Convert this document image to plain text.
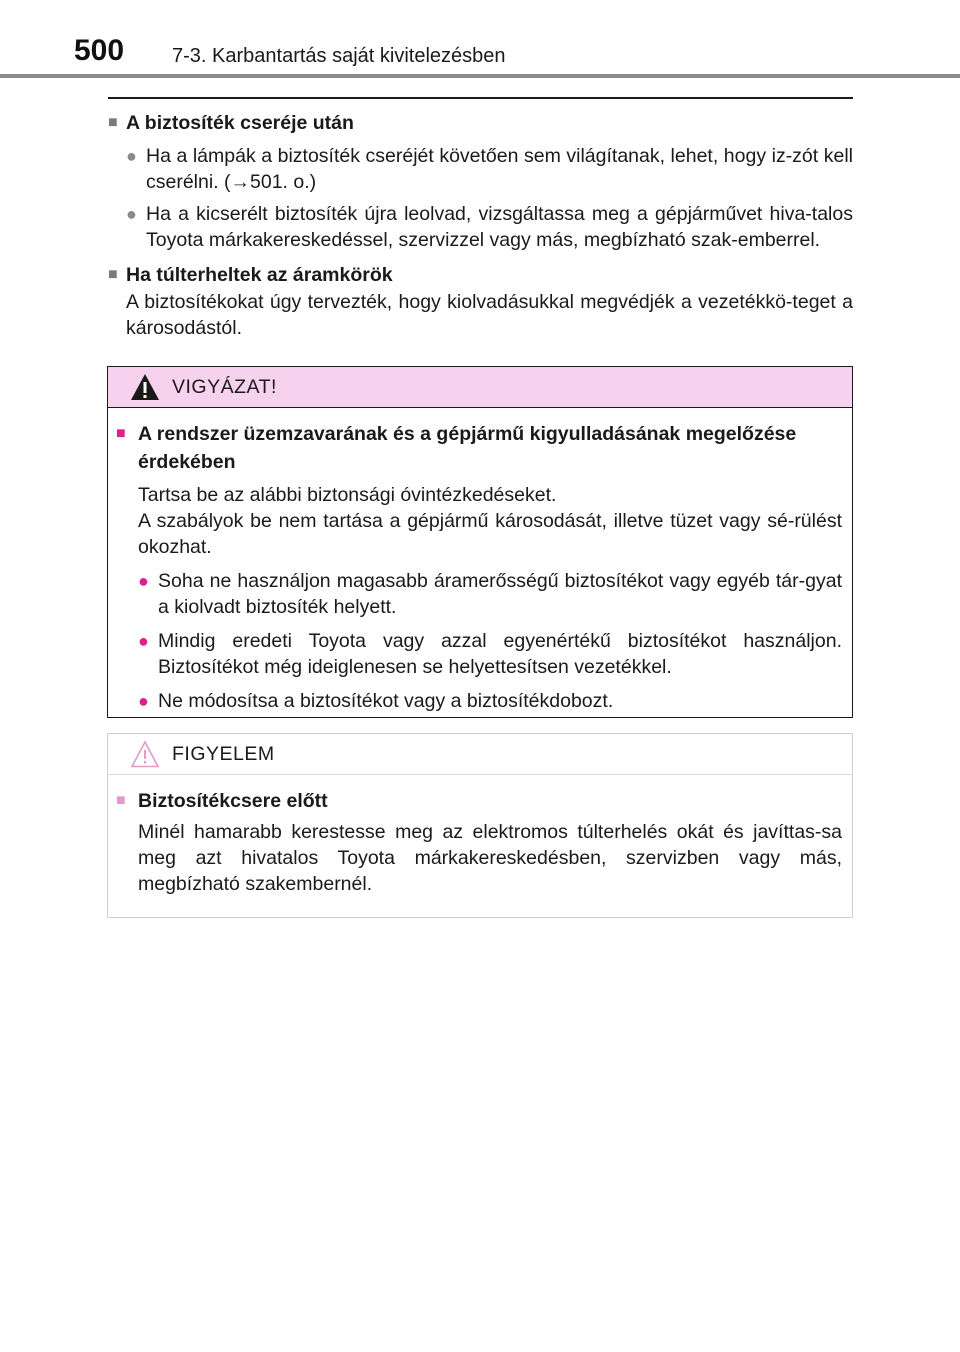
500 7-3. Karbantartás saját kivitelezésben
■ A biztosíték cseréje után
● Ha a lámpák a biztosíték cseréjét követően sem világítanak, lehet, hogy iz-zót kell cserélni. (→501. o.)
● Ha a kicserélt biztosíték újra leolvad, vizsgáltassa meg a gépjárművet hiva-talos Toyota márkakereskedéssel, szervizzel vagy más, megbízható szak-emberrel.
■ Ha túlterheltek az áramkörök
A biztosítékokat úgy tervezték, hogy kiolvadásukkal megvédjék a vezetékkö-teget a károsodástól.
VIGYÁZAT!
■ A rendszer üzemzavarának és a gépjármű kigyulladásának megelőzése érdekében
Tartsa be az alábbi biztonsági óvintézkedéseket.
A szabályok be nem tartása a gépjármű károsodását, illetve tüzet vagy sé-rülést okozhat.
● Soha ne használjon magasabb áramerősségű biztosítékot vagy egyéb tár-gyat a kiolvadt biztosíték helyett.
● Mindig eredeti Toyota vagy azzal egyenértékű biztosítékot használjon. Biztosítékot még ideiglenesen se helyettesítsen vezetékkel.
● Ne módosítsa a biztosítékot vagy a biztosítékdobozt.
FIGYELEM
■ Biztosítékcsere előtt
Minél hamarabb kerestesse meg az elektromos túlterhelés okát és javíttas-sa meg azt hivatalos Toyota márkakereskedésben, szervizben vagy más, megbízható szakembernél.
